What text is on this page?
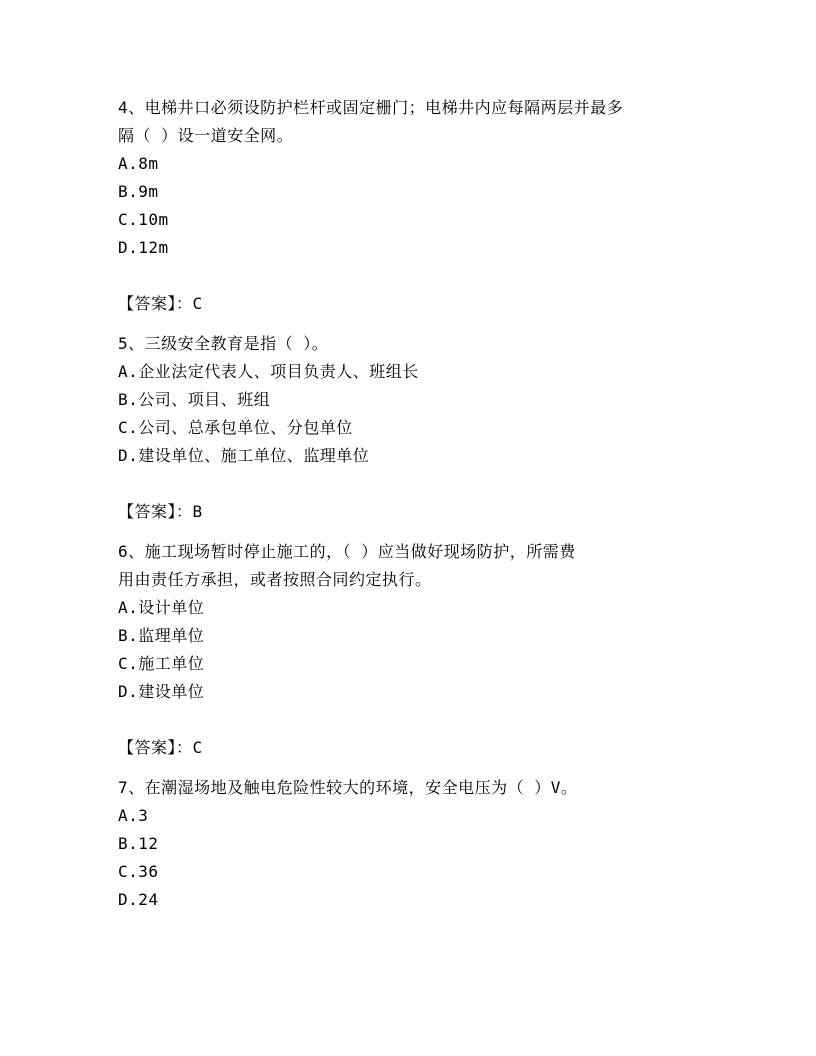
4、电梯井口必须设防护栏杆或固定栅门；电梯井内应每隔两层并最多
隔（ ）设一道安全网。
A.8m
B.9m
C.10m
D.12m
【答案】：C
5、三级安全教育是指（ ）。
A.企业法定代表人、项目负责人、班组长
B.公司、项目、班组
C.公司、总承包单位、分包单位
D.建设单位、施工单位、监理单位
【答案】：B
6、施工现场暂时停止施工的，（ ）应当做好现场防护，所需费
用由责任方承担，或者按照合同约定执行。
A.设计单位
B.监理单位
C.施工单位
D.建设单位
【答案】：C
7、在潮湿场地及触电危险性较大的环境，安全电压为（ ）V。
A.3
B.12
C.36
D.24
